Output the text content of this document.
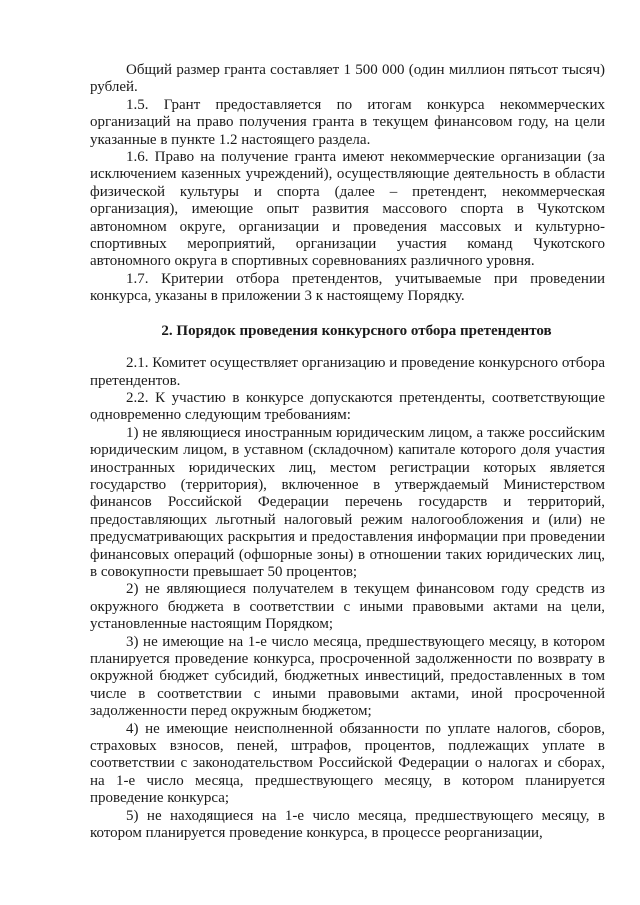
Общий размер гранта составляет 1 500 000 (один миллион пятьсот тысяч) рублей.

1.5. Грант предоставляется по итогам конкурса некоммерческих организаций на право получения гранта в текущем финансовом году, на цели указанные в пункте 1.2 настоящего раздела.

1.6. Право на получение гранта имеют некоммерческие организации (за исключением казенных учреждений), осуществляющие деятельность в области физической культуры и спорта (далее – претендент, некоммерческая организация), имеющие опыт развития массового спорта в Чукотском автономном округе, организации и проведения массовых и культурно-спортивных мероприятий, организации участия команд Чукотского автономного округа в спортивных соревнованиях различного уровня.

1.7. Критерии отбора претендентов, учитываемые при проведении конкурса, указаны в приложении 3 к настоящему Порядку.

2. Порядок проведения конкурсного отбора претендентов

2.1. Комитет осуществляет организацию и проведение конкурсного отбора претендентов.

2.2. К участию в конкурсе допускаются претенденты, соответствующие одновременно следующим требованиям:

1) не являющиеся иностранным юридическим лицом, а также российским юридическим лицом, в уставном (складочном) капитале которого доля участия иностранных юридических лиц, местом регистрации которых является государство (территория), включенное в утверждаемый Министерством финансов Российской Федерации перечень государств и территорий, предоставляющих льготный налоговый режим налогообложения и (или) не предусматривающих раскрытия и предоставления информации при проведении финансовых операций (офшорные зоны) в отношении таких юридических лиц, в совокупности превышает 50 процентов;

2) не являющиеся получателем в текущем финансовом году средств из окружного бюджета в соответствии с иными правовыми актами на цели, установленные настоящим Порядком;

3) не имеющие на 1-е число месяца, предшествующего месяцу, в котором планируется проведение конкурса, просроченной задолженности по возврату в окружной бюджет субсидий, бюджетных инвестиций, предоставленных в том числе в соответствии с иными правовыми актами, иной просроченной задолженности перед окружным бюджетом;

4) не имеющие неисполненной обязанности по уплате налогов, сборов, страховых взносов, пеней, штрафов, процентов, подлежащих уплате в соответствии с законодательством Российской Федерации о налогах и сборах, на 1-е число месяца, предшествующего месяцу, в котором планируется проведение конкурса;

5) не находящиеся на 1-е число месяца, предшествующего месяцу, в котором планируется проведение конкурса, в процессе реорганизации,
